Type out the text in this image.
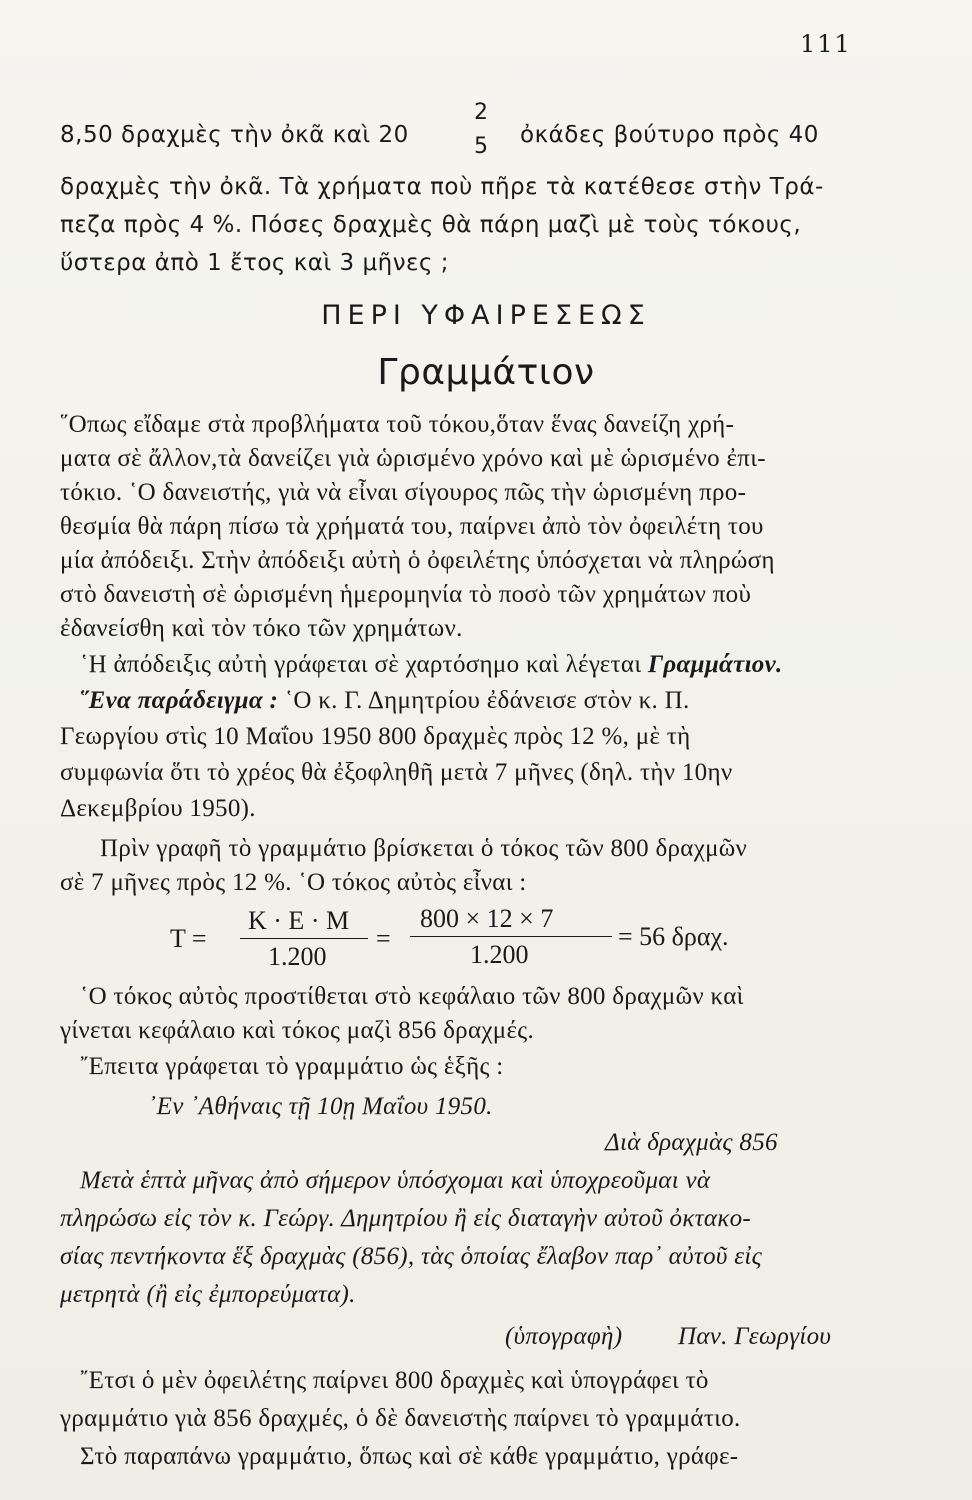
111
8,50 δραχμὲς τὴν ὀκᾶ καὶ 20
2
5 ὀκάδες βούτυρο πρὸς 40
δραχμὲς τὴν ὀκᾶ. Τὰ χρήματα ποὺ πῆρε τὰ κατέθεσε στὴν Τρά-
πεζα πρὸς 4 %. Πόσες δραχμὲς θὰ πάρη μαζὶ μὲ τοὺς τόκους,
ὕστερα ἀπὸ 1 ἔτος καὶ 3 μῆνες ;
ΠΕΡΙ ΥΦΑΙΡΕΣΕΩΣ
Γραμμάτιον
῞Οπως εἴδαμε στὰ προβλήματα τοῦ τόκου,ὅταν ἕνας δανείζη χρή-
ματα σὲ ἄλλον,τὰ δανείζει γιὰ ὡρισμένο χρόνο καὶ μὲ ὡρισμένο ἐπι-
τόκιο. ῾Ο δανειστής, γιὰ νὰ εἶναι σίγουρος πῶς τὴν ὡρισμένη προ-
θεσμία θὰ πάρη πίσω τὰ χρήματά του, παίρνει ἀπὸ τὸν ὀφειλέτη του
μία ἀπόδειξι. Στὴν ἀπόδειξι αὐτὴ ὁ ὀφειλέτης ὑπόσχεται νὰ πληρώση
στὸ δανειστὴ σὲ ὡρισμένη ἡμερομηνία τὸ ποσὸ τῶν χρημάτων ποὺ
ἐδανείσθη καὶ τὸν τόκο τῶν χρημάτων.
῾Η ἀπόδειξις αὐτὴ γράφεται σὲ χαρτόσημο καὶ λέγεται Γραμμάτιον.
῞Ενα παράδειγμα : ῾Ο κ. Γ. Δημητρίου ἐδάνεισε στὸν κ. Π.
Γεωργίου στὶς 10 Μαΐου 1950 800 δραχμὲς πρὸς 12 %, μὲ τὴ
συμφωνία ὅτι τὸ χρέος θὰ ἐξοφληθῆ μετὰ 7 μῆνες (δηλ. τὴν 10ην
Δεκεμβρίου 1950).
Πρὶν γραφῆ τὸ γραμμάτιο βρίσκεται ὁ τόκος τῶν 800 δραχμῶν
σὲ 7 μῆνες πρὸς 12 %. ῾Ο τόκος αὐτὸς εἶναι :
T =
K · E · M
1.200
=
800 × 12 × 7
1.200
= 56 δραχ.
῾Ο τόκος αὐτὸς προστίθεται στὸ κεφάλαιο τῶν 800 δραχμῶν καὶ
γίνεται κεφάλαιο καὶ τόκος μαζὶ 856 δραχμές.
῎Επειτα γράφεται τὸ γραμμάτιο ὡς ἑξῆς :
᾿Εν ᾿Αθήναις τῇ 10ῃ Μαΐου 1950.
Διὰ δραχμὰς 856
Μετὰ ἑπτὰ μῆνας ἀπὸ σήμερον ὑπόσχομαι καὶ ὑποχρεοῦμαι νὰ
πληρώσω εἰς τὸν κ. Γεώργ. Δημητρίου ἢ εἰς διαταγὴν αὐτοῦ ὀκτακο-
σίας πεντήκοντα ἕξ δραχμὰς (856), τὰς ὁποίας ἔλαβον παρ᾿ αὐτοῦ εἰς
μετρητὰ (ἢ εἰς ἐμπορεύματα).
(ὑπογραφὴ)	Παν. Γεωργίου
῎Ετσι ὁ μὲν ὀφειλέτης παίρνει 800 δραχμὲς καὶ ὑπογράφει τὸ
γραμμάτιο γιὰ 856 δραχμές, ὁ δὲ δανειστὴς παίρνει τὸ γραμμάτιο.
Στὸ παραπάνω γραμμάτιο, ὅπως καὶ σὲ κάθε γραμμάτιο, γράφε-
